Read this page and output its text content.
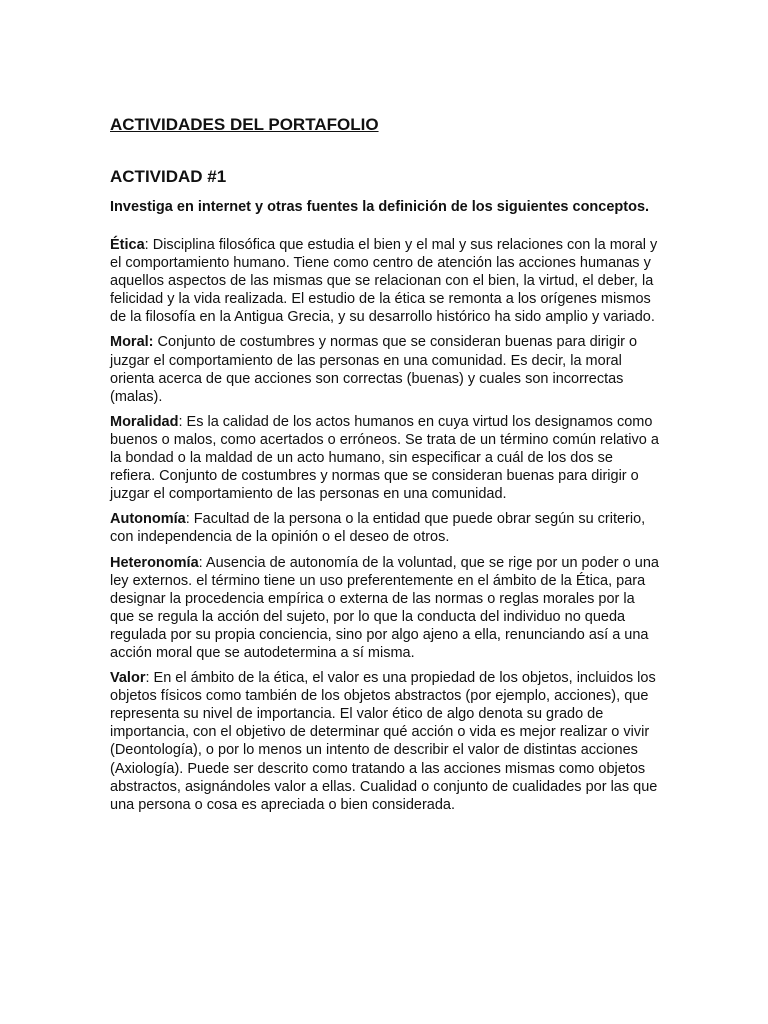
ACTIVIDADES DEL PORTAFOLIO
ACTIVIDAD #1

Investiga en internet y otras fuentes la definición de los siguientes conceptos.

Ética: Disciplina filosófica que estudia el bien y el mal y sus relaciones con la moral y el comportamiento humano. Tiene como centro de atención las acciones humanas y aquellos aspectos de las mismas que se relacionan con el bien, la virtud, el deber, la felicidad y la vida realizada. El estudio de la ética se remonta a los orígenes mismos de la filosofía en la Antigua Grecia, y su desarrollo histórico ha sido amplio y variado.

Moral: Conjunto de costumbres y normas que se consideran buenas para dirigir o juzgar el comportamiento de las personas en una comunidad. Es decir, la moral orienta acerca de que acciones son correctas (buenas) y cuales son incorrectas (malas).

Moralidad: Es la calidad de los actos humanos en cuya virtud los designamos como buenos o malos, como acertados o erróneos. Se trata de un término común relativo a la bondad o la maldad de un acto humano, sin especificar a cuál de los dos se refiera. Conjunto de costumbres y normas que se consideran buenas para dirigir o juzgar el comportamiento de las personas en una comunidad.

Autonomía: Facultad de la persona o la entidad que puede obrar según su criterio, con independencia de la opinión o el deseo de otros.

Heteronomía: Ausencia de autonomía de la voluntad, que se rige por un poder o una ley externos. el término tiene un uso preferentemente en el ámbito de la Ética, para designar la procedencia empírica o externa de las normas o reglas morales por la que se regula la acción del sujeto, por lo que la conducta del individuo no queda regulada por su propia conciencia, sino por algo ajeno a ella, renunciando así a una acción moral que se autodetermina a sí misma.

Valor: En el ámbito de la ética, el valor es una propiedad de los objetos, incluidos los objetos físicos como también de los objetos abstractos (por ejemplo, acciones), que representa su nivel de importancia. El valor ético de algo denota su grado de importancia, con el objetivo de determinar qué acción o vida es mejor realizar o vivir (Deontología), o por lo menos un intento de describir el valor de distintas acciones (Axiología). Puede ser descrito como tratando a las acciones mismas como objetos abstractos, asignándoles valor a ellas. Cualidad o conjunto de cualidades por las que una persona o cosa es apreciada o bien considerada.
